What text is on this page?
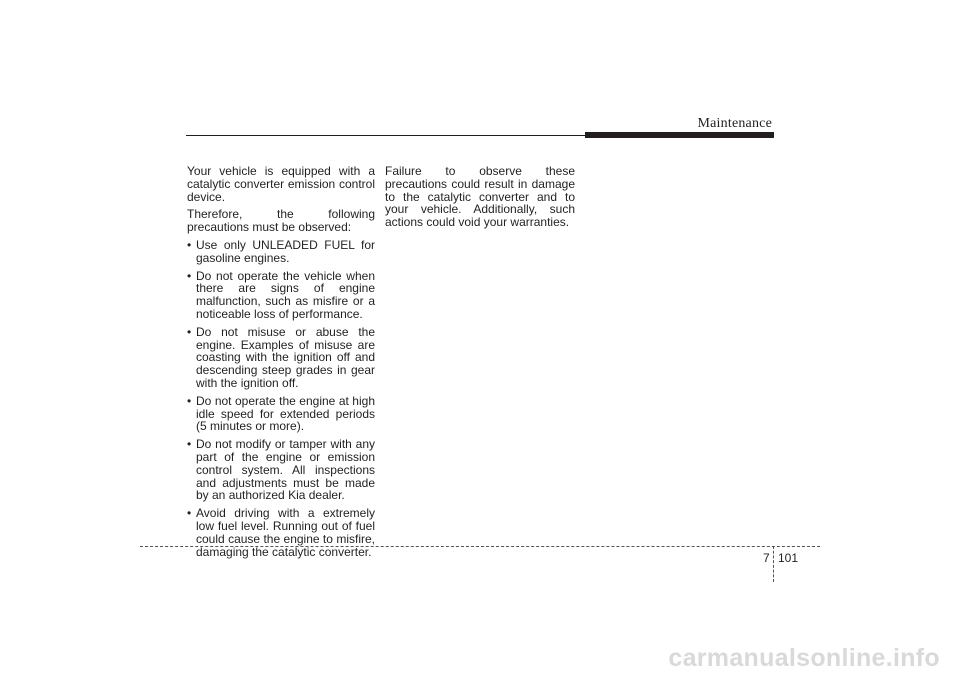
Maintenance

Your vehicle is equipped with a catalytic converter emission control device.

Therefore, the following precautions must be observed:

• Use only UNLEADED FUEL for gasoline engines.
• Do not operate the vehicle when there are signs of engine malfunction, such as misfire or a noticeable loss of performance.
• Do not misuse or abuse the engine. Examples of misuse are coasting with the ignition off and descending steep grades in gear with the ignition off.
• Do not operate the engine at high idle speed for extended periods (5 minutes or more).
• Do not modify or tamper with any part of the engine or emission control system. All inspections and adjustments must be made by an authorized Kia dealer.
• Avoid driving with a extremely low fuel level. Running out of fuel could cause the engine to misfire, damaging the catalytic converter.

Failure to observe these precautions could result in damage to the catalytic converter and to your vehicle. Additionally, such actions could void your warranties.

7 101
carmanualsonline.info
